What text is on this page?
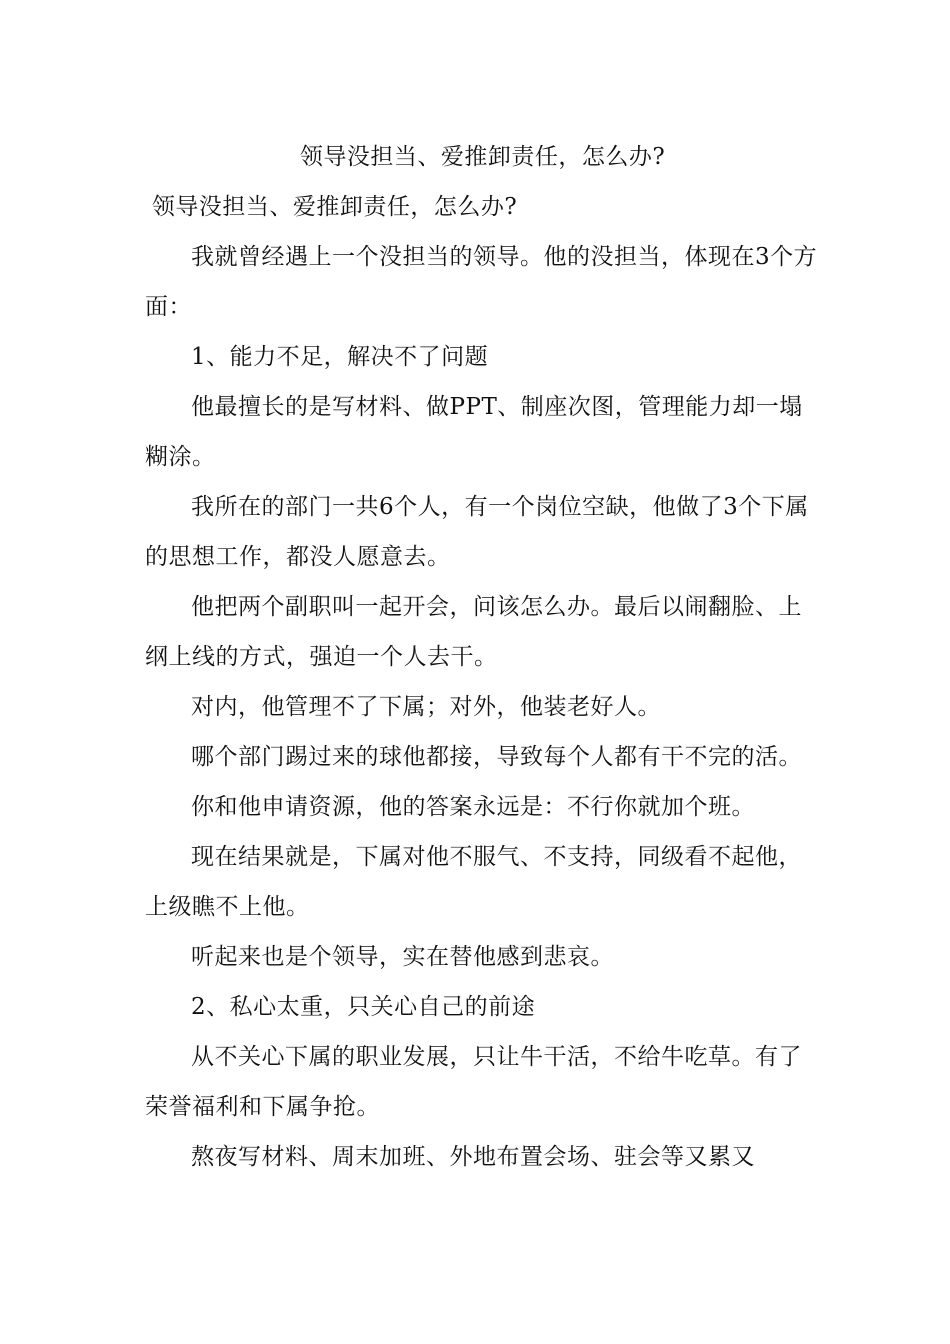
领导没担当、爱推卸责任，怎么办?

领导没担当、爱推卸责任，怎么办?

我就曾经遇上一个没担当的领导。他的没担当，体现在3个方面：

1、能力不足，解决不了问题

他最擅长的是写材料、做PPT、制座次图，管理能力却一塌糊涂。

我所在的部门一共6个人，有一个岗位空缺，他做了3个下属的思想工作，都没人愿意去。

他把两个副职叫一起开会，问该怎么办。最后以闹翻脸、上纲上线的方式，强迫一个人去干。

对内，他管理不了下属；对外，他装老好人。

哪个部门踢过来的球他都接，导致每个人都有干不完的活。

你和他申请资源，他的答案永远是：不行你就加个班。

现在结果就是，下属对他不服气、不支持，同级看不起他，上级瞧不上他。

听起来也是个领导，实在替他感到悲哀。

2、私心太重，只关心自己的前途

从不关心下属的职业发展，只让牛干活，不给牛吃草。有了荣誉福利和下属争抢。

熬夜写材料、周末加班、外地布置会场、驻会等又累又
